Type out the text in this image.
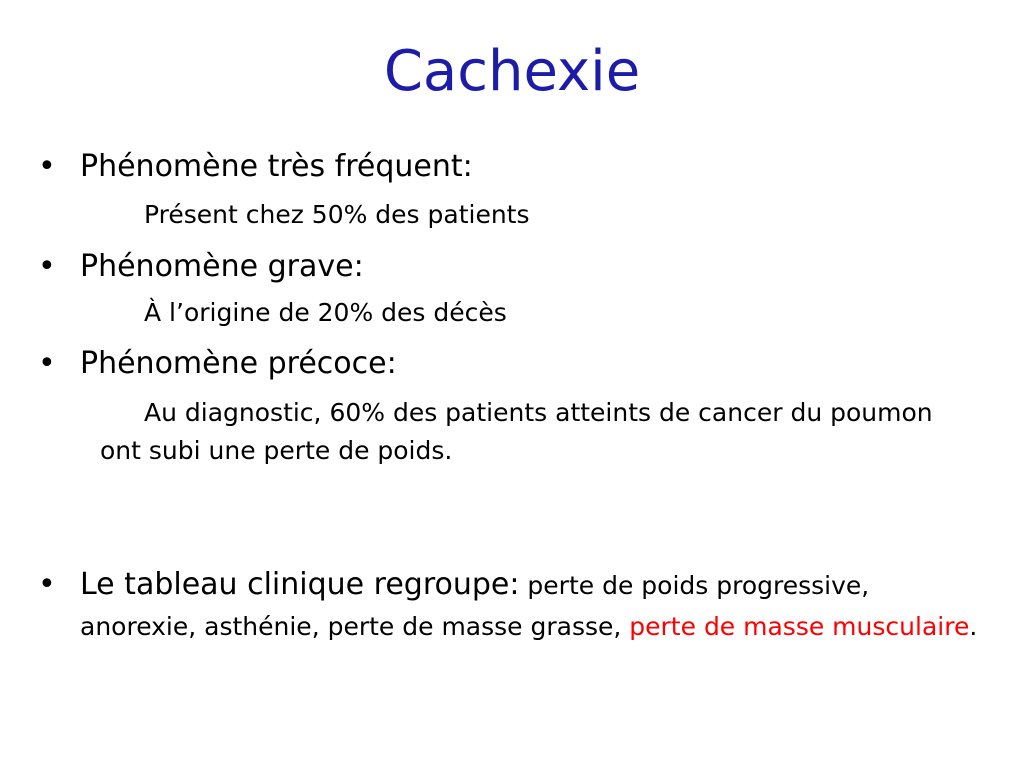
Cachexie
• Phénomène très fréquent:

Présent chez 50% des patients

• Phénomène grave:

À l’origine de 20% des décès

• Phénomène précoce:

Au diagnostic, 60% des patients atteints de cancer du poumon ont subi une perte de poids.

• Le tableau clinique regroupe: perte de poids progressive, anorexie, asthénie, perte de masse grasse, perte de masse musculaire.
